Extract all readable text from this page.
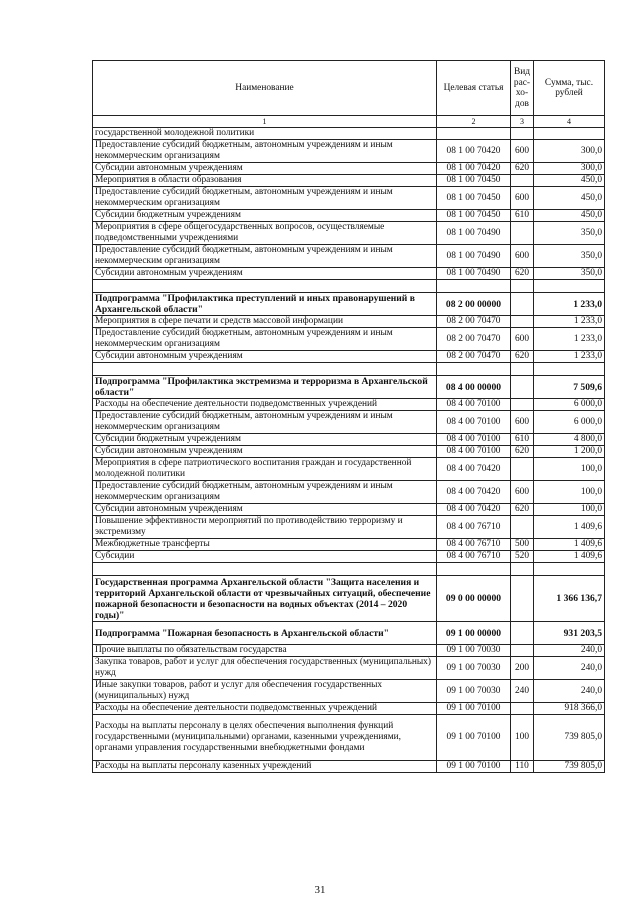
Наименование	Целевая статья	Вид рас-хо-дов	Сумма, тыс. рублей
1	2	3	4
государственной молодежной политики			
Предоставление субсидий бюджетным, автономным учреждениям и иным некоммерческим организациям	08 1 00 70420	600	300,0
Субсидии автономным учреждениям	08 1 00 70420	620	300,0
Мероприятия в области образования	08 1 00 70450		450,0
Предоставление субсидий бюджетным, автономным учреждениям и иным некоммерческим организациям	08 1 00 70450	600	450,0
Субсидии бюджетным учреждениям	08 1 00 70450	610	450,0
Мероприятия в сфере общегосударственных вопросов, осуществляемые подведомственными учреждениями	08 1 00 70490		350,0
Предоставление субсидий бюджетным, автономным учреждениям и иным некоммерческим организациям	08 1 00 70490	600	350,0
Субсидии автономным учреждениям	08 1 00 70490	620	350,0

Подпрограмма "Профилактика преступлений и иных правонарушений в Архангельской области"	08 2 00 00000		1 233,0
Мероприятия в сфере печати и средств массовой информации	08 2 00 70470		1 233,0
Предоставление субсидий бюджетным, автономным учреждениям и иным некоммерческим организациям	08 2 00 70470	600	1 233,0
Субсидии автономным учреждениям	08 2 00 70470	620	1 233,0

Подпрограмма "Профилактика экстремизма и терроризма в Архангельской области"	08 4 00 00000		7 509,6
Расходы на обеспечение деятельности подведомственных учреждений	08 4 00 70100		6 000,0
Предоставление субсидий бюджетным, автономным учреждениям и иным некоммерческим организациям	08 4 00 70100	600	6 000,0
Субсидии бюджетным учреждениям	08 4 00 70100	610	4 800,0
Субсидии автономным учреждениям	08 4 00 70100	620	1 200,0
Мероприятия в сфере патриотического воспитания граждан и государственной молодежной политики	08 4 00 70420		100,0
Предоставление субсидий бюджетным, автономным учреждениям и иным некоммерческим организациям	08 4 00 70420	600	100,0
Субсидии автономным учреждениям	08 4 00 70420	620	100,0
Повышение эффективности мероприятий по противодействию терроризму и экстремизму	08 4 00 76710		1 409,6
Межбюджетные трансферты	08 4 00 76710	500	1 409,6
Субсидии	08 4 00 76710	520	1 409,6

Государственная программа Архангельской области "Защита населения и территорий Архангельской области от чрезвычайных ситуаций, обеспечение пожарной безопасности и безопасности на водных объектах (2014 – 2020 годы)"	09 0 00 00000		1 366 136,7
Подпрограмма "Пожарная безопасность в Архангельской области"	09 1 00 00000		931 203,5
Прочие выплаты по обязательствам государства	09 1 00 70030		240,0
Закупка товаров, работ и услуг для обеспечения государственных (муниципальных) нужд	09 1 00 70030	200	240,0
Иные закупки товаров, работ и услуг для обеспечения государственных (муниципальных) нужд	09 1 00 70030	240	240,0
Расходы на обеспечение деятельности подведомственных учреждений	09 1 00 70100		918 366,0
Расходы на выплаты персоналу в целях обеспечения выполнения функций государственными (муниципальными) органами, казенными учреждениями, органами управления государственными внебюджетными фондами	09 1 00 70100	100	739 805,0
Расходы на выплаты персоналу казенных учреждений	09 1 00 70100	110	739 805,0
31
